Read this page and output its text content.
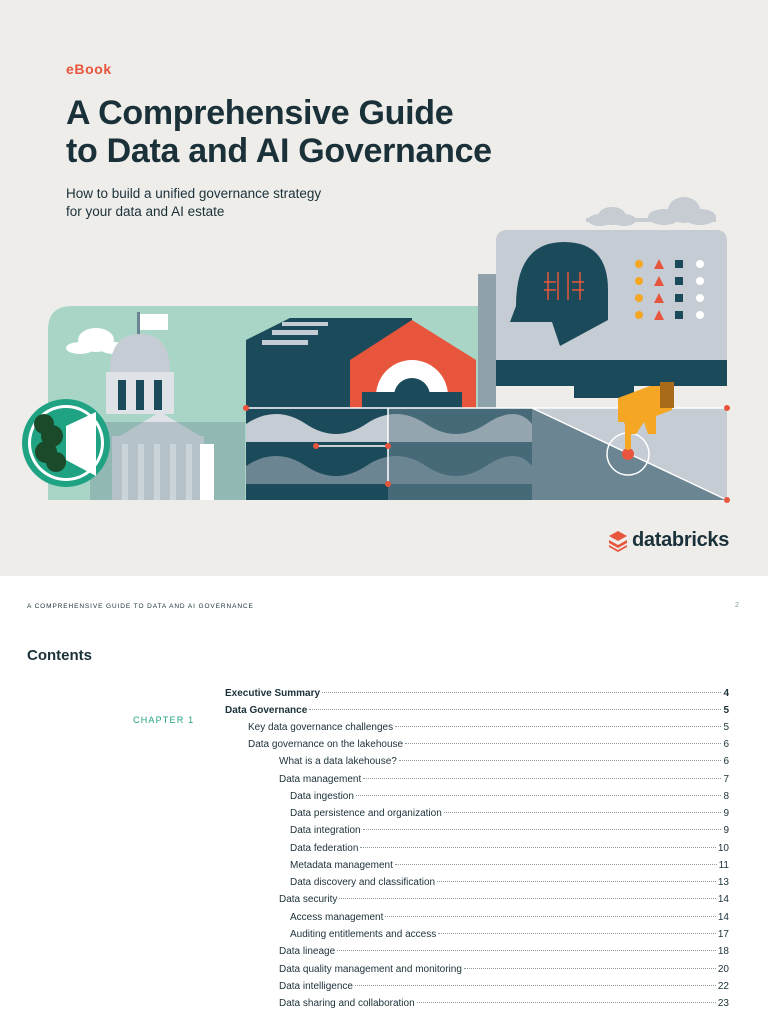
eBook
A Comprehensive Guide
to Data and AI Governance
How to build a unified governance strategy
for your data and AI estate
databricks
A COMPREHENSIVE GUIDE TO DATA AND AI GOVERNANCE	2
Contents
CHAPTER 1
Executive Summary	4
Data Governance	5
Key data governance challenges	5
Data governance on the lakehouse	6
What is a data lakehouse?	6
Data management	7
Data ingestion	8
Data persistence and organization	9
Data integration	9
Data federation	10
Metadata management	11
Data discovery and classification	13
Data security	14
Access management	14
Auditing entitlements and access	17
Data lineage	18
Data quality management and monitoring	20
Data intelligence	22
Data sharing and collaboration	23
